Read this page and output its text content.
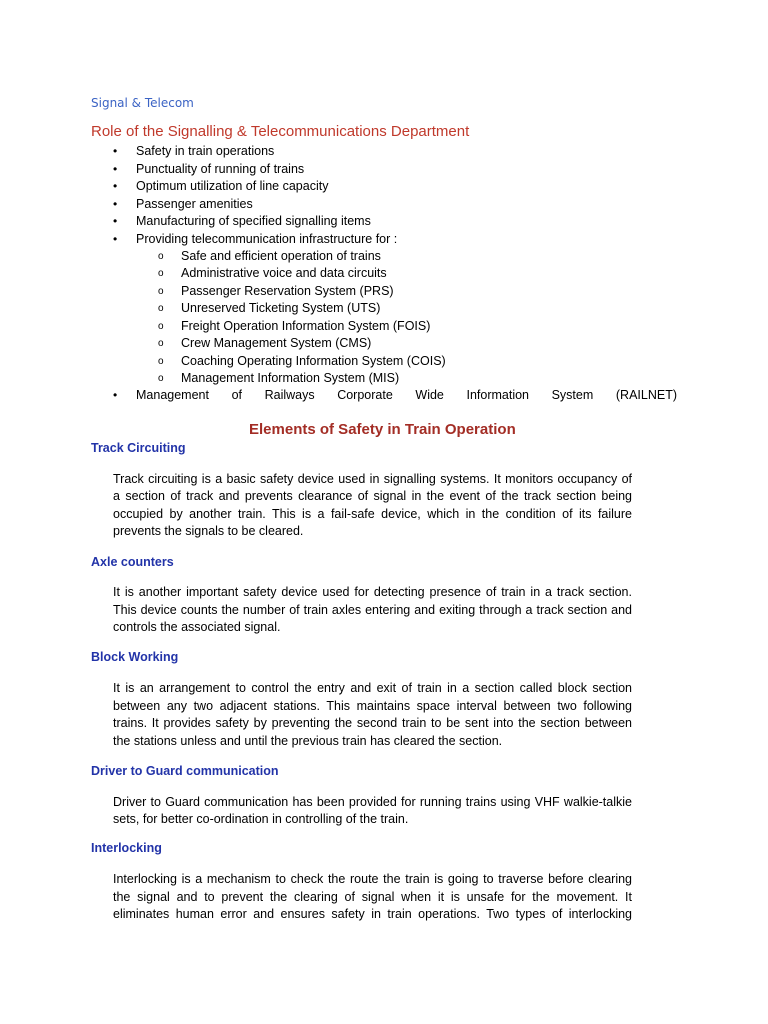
Signal & Telecom
Role of the Signalling & Telecommunications Department
• Safety in train operations
• Punctuality of running of trains
• Optimum utilization of line capacity
• Passenger amenities
• Manufacturing of specified signalling items
• Providing telecommunication infrastructure for :
o Safe and efficient operation of trains
o Administrative voice and data circuits
o Passenger Reservation System (PRS)
o Unreserved Ticketing System (UTS)
o Freight Operation Information System (FOIS)
o Crew Management System (CMS)
o Coaching Operating Information System (COIS)
o Management Information System (MIS)
• Management of Railways Corporate Wide Information System (RAILNET)
Elements of Safety in Train Operation
Track Circuiting
Track circuiting is a basic safety device used in signalling systems. It monitors occupancy of
a section of track and prevents clearance of signal in the event of the track section being
occupied by another train. This is a fail-safe device, which in the condition of its failure
prevents the signals to be cleared.
Axle counters
It is another important safety device used for detecting presence of train in a track section.
This device counts the number of train axles entering and exiting through a track section and
controls the associated signal.
Block Working
It is an arrangement to control the entry and exit of train in a section called block section
between any two adjacent stations. This maintains space interval between two following
trains. It provides safety by preventing the second train to be sent into the section between
the stations unless and until the previous train has cleared the section.
Driver to Guard communication
Driver to Guard communication has been provided for running trains using VHF walkie-talkie
sets, for better co-ordination in controlling of the train.
Interlocking
Interlocking is a mechanism to check the route the train is going to traverse before clearing
the signal and to prevent the clearing of signal when it is unsafe for the movement. It
eliminates human error and ensures safety in train operations. Two types of interlocking
